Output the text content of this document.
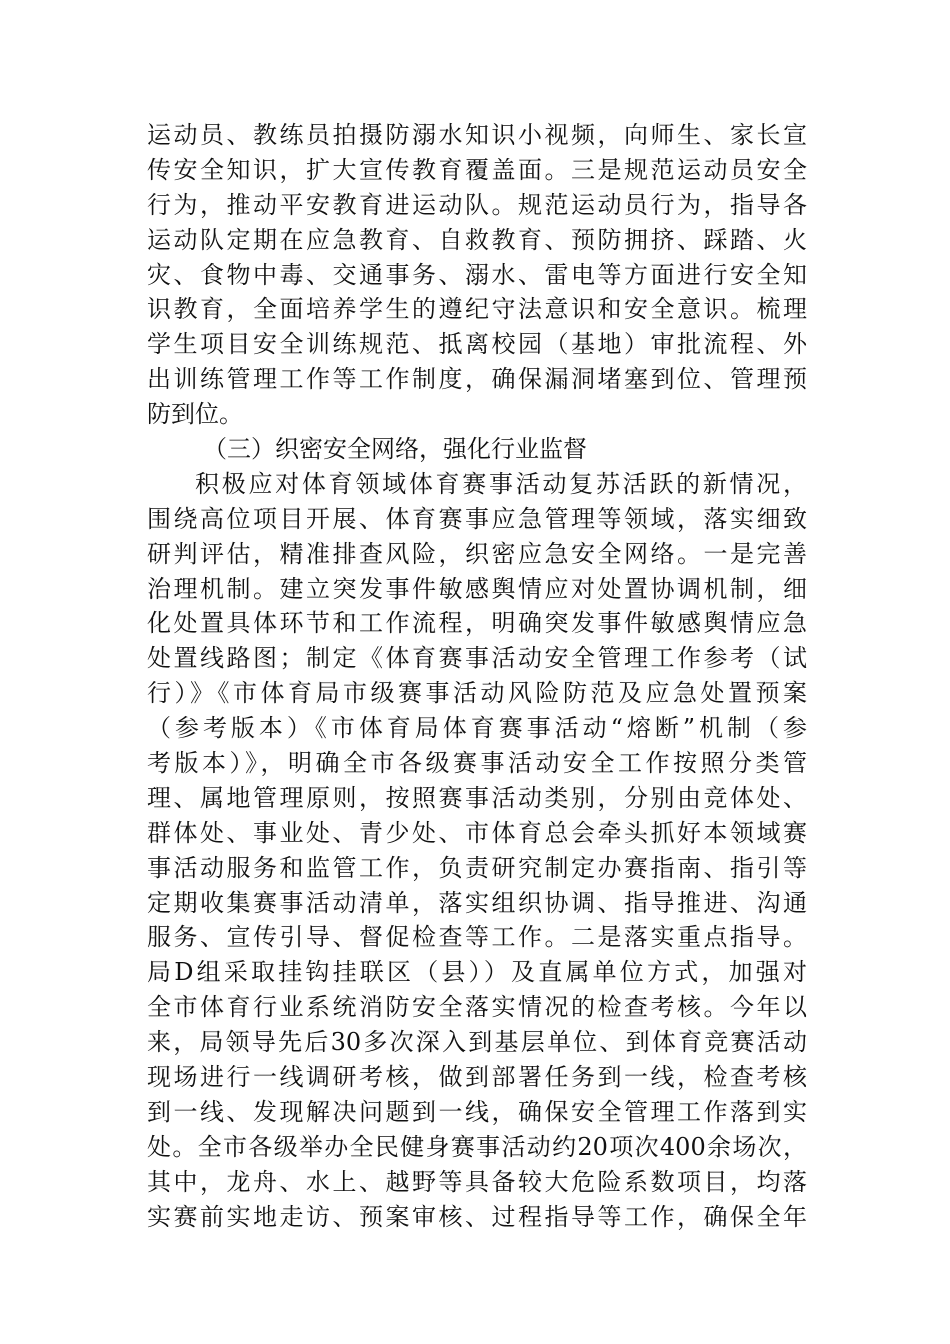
运动员、教练员拍摄防溺水知识小视频，向师生、家长宣
传安全知识，扩大宣传教育覆盖面。三是规范运动员安全
行为，推动平安教育进运动队。规范运动员行为，指导各
运动队定期在应急教育、自救教育、预防拥挤、踩踏、火
灾、食物中毒、交通事务、溺水、雷电等方面进行安全知
识教育，全面培养学生的遵纪守法意识和安全意识。梳理
学生项目安全训练规范、抵离校园（基地）审批流程、外
出训练管理工作等工作制度，确保漏洞堵塞到位、管理预
防到位。
（三）织密安全网络，强化行业监督
积极应对体育领域体育赛事活动复苏活跃的新情况，
围绕高位项目开展、体育赛事应急管理等领域，落实细致
研判评估，精准排查风险，织密应急安全网络。一是完善
治理机制。建立突发事件敏感舆情应对处置协调机制，细
化处置具体环节和工作流程，明确突发事件敏感舆情应急
处置线路图；制定《体育赛事活动安全管理工作参考（试
行）》《市体育局市级赛事活动风险防范及应急处置预案
（参考版本）《市体育局体育赛事活动“熔断”机制（参
考版本）》，明确全市各级赛事活动安全工作按照分类管
理、属地管理原则，按照赛事活动类别，分别由竞体处、
群体处、事业处、青少处、市体育总会牵头抓好本领域赛
事活动服务和监管工作，负责研究制定办赛指南、指引等
定期收集赛事活动清单，落实组织协调、指导推进、沟通
服务、宣传引导、督促检查等工作。二是落实重点指导。
局D组采取挂钩挂联区（县））及直属单位方式，加强对
全市体育行业系统消防安全落实情况的检查考核。今年以
来，局领导先后30多次深入到基层单位、到体育竞赛活动
现场进行一线调研考核，做到部署任务到一线，检查考核
到一线、发现解决问题到一线，确保安全管理工作落到实
处。全市各级举办全民健身赛事活动约20项次400余场次，
其中，龙舟、水上、越野等具备较大危险系数项目，均落
实赛前实地走访、预案审核、过程指导等工作，确保全年
